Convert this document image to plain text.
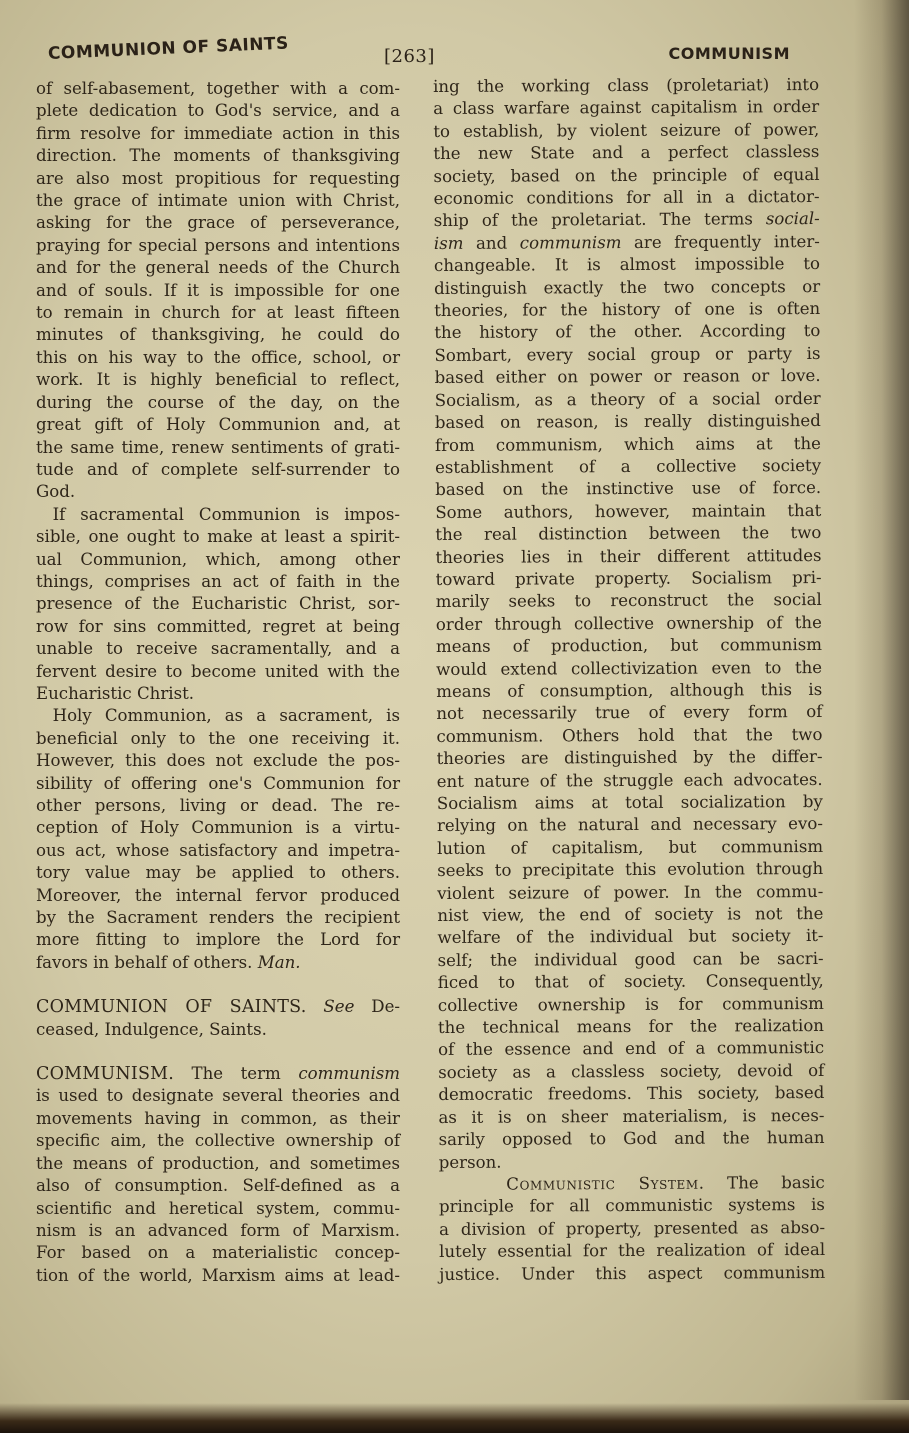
COMMUNION OF SAINTS	[263]	COMMUNISM
of self-abasement, together with a com-
plete dedication to God's service, and a
firm resolve for immediate action in this
direction. The moments of thanksgiving
are also most propitious for requesting
the grace of intimate union with Christ,
asking for the grace of perseverance,
praying for special persons and intentions
and for the general needs of the Church
and of souls. If it is impossible for one
to remain in church for at least fifteen
minutes of thanksgiving, he could do
this on his way to the office, school, or
work. It is highly beneficial to reflect,
during the course of the day, on the
great gift of Holy Communion and, at
the same time, renew sentiments of grati-
tude and of complete self-surrender to
God.
 If sacramental Communion is impos-
sible, one ought to make at least a spirit-
ual Communion, which, among other
things, comprises an act of faith in the
presence of the Eucharistic Christ, sor-
row for sins committed, regret at being
unable to receive sacramentally, and a
fervent desire to become united with the
Eucharistic Christ.
 Holy Communion, as a sacrament, is
beneficial only to the one receiving it.
However, this does not exclude the pos-
sibility of offering one's Communion for
other persons, living or dead. The re-
ception of Holy Communion is a virtu-
ous act, whose satisfactory and impetra-
tory value may be applied to others.
Moreover, the internal fervor produced
by the Sacrament renders the recipient
more fitting to implore the Lord for
favors in behalf of others. Man.
COMMUNION OF SAINTS. See De-
ceased, Indulgence, Saints.
COMMUNISM. The term communism
is used to designate several theories and
movements having in common, as their
specific aim, the collective ownership of
the means of production, and sometimes
also of consumption. Self-defined as a
scientific and heretical system, commu-
nism is an advanced form of Marxism.
For based on a materialistic concep-
tion of the world, Marxism aims at lead-
ing the working class (proletariat) into
a class warfare against capitalism in order
to establish, by violent seizure of power,
the new State and a perfect classless
society, based on the principle of equal
economic conditions for all in a dictator-
ship of the proletariat. The terms social-
ism and communism are frequently inter-
changeable. It is almost impossible to
distinguish exactly the two concepts or
theories, for the history of one is often
the history of the other. According to
Sombart, every social group or party is
based either on power or reason or love.
Socialism, as a theory of a social order
based on reason, is really distinguished
from communism, which aims at the
establishment of a collective society
based on the instinctive use of force.
Some authors, however, maintain that
the real distinction between the two
theories lies in their different attitudes
toward private property. Socialism pri-
marily seeks to reconstruct the social
order through collective ownership of the
means of production, but communism
would extend collectivization even to the
means of consumption, although this is
not necessarily true of every form of
communism. Others hold that the two
theories are distinguished by the differ-
ent nature of the struggle each advocates.
Socialism aims at total socialization by
relying on the natural and necessary evo-
lution of capitalism, but communism
seeks to precipitate this evolution through
violent seizure of power. In the commu-
nist view, the end of society is not the
welfare of the individual but society it-
self; the individual good can be sacri-
ficed to that of society. Consequently,
collective ownership is for communism
the technical means for the realization
of the essence and end of a communistic
society as a classless society, devoid of
democratic freedoms. This society, based
as it is on sheer materialism, is neces-
sarily opposed to God and the human
person.
Communistic System. The basic
principle for all communistic systems is
a division of property, presented as abso-
lutely essential for the realization of ideal
justice. Under this aspect communism
